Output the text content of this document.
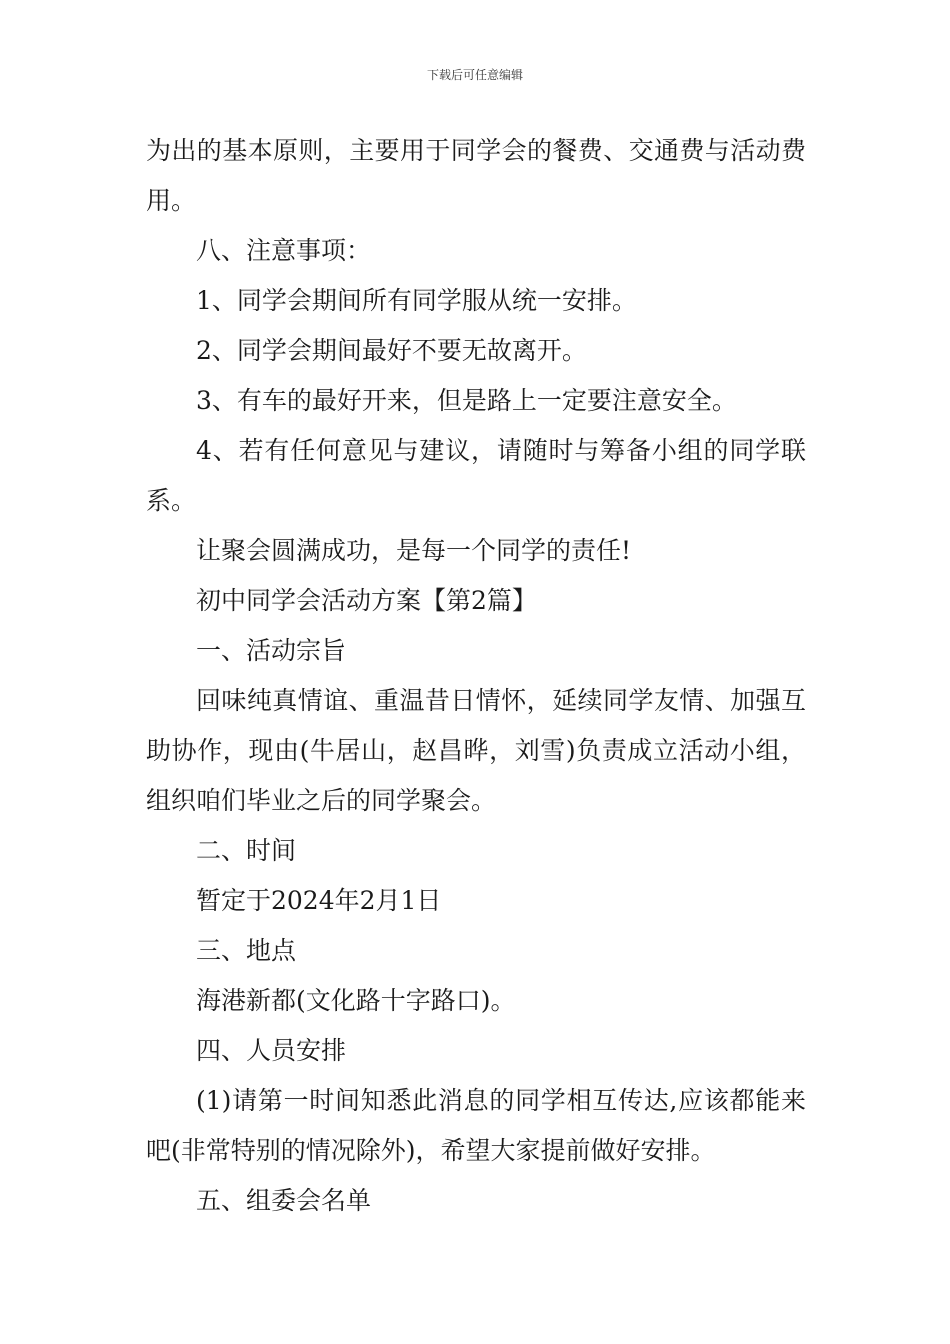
下载后可任意编辑

为出的基本原则，主要用于同学会的餐费、交通费与活动费用。

八、注意事项：

1、同学会期间所有同学服从统一安排。

2、同学会期间最好不要无故离开。

3、有车的最好开来，但是路上一定要注意安全。

4、若有任何意见与建议，请随时与筹备小组的同学联系。

让聚会圆满成功，是每一个同学的责任!

初中同学会活动方案【第2篇】

一、活动宗旨

回味纯真情谊、重温昔日情怀，延续同学友情、加强互助协作，现由(牛居山，赵昌晔，刘雪)负责成立活动小组，组织咱们毕业之后的同学聚会。

二、时间

暂定于2024年2月1日

三、地点

海港新都(文化路十字路口)。

四、人员安排

(1)请第一时间知悉此消息的同学相互传达,应该都能来吧(非常特别的情况除外)，希望大家提前做好安排。

五、组委会名单
